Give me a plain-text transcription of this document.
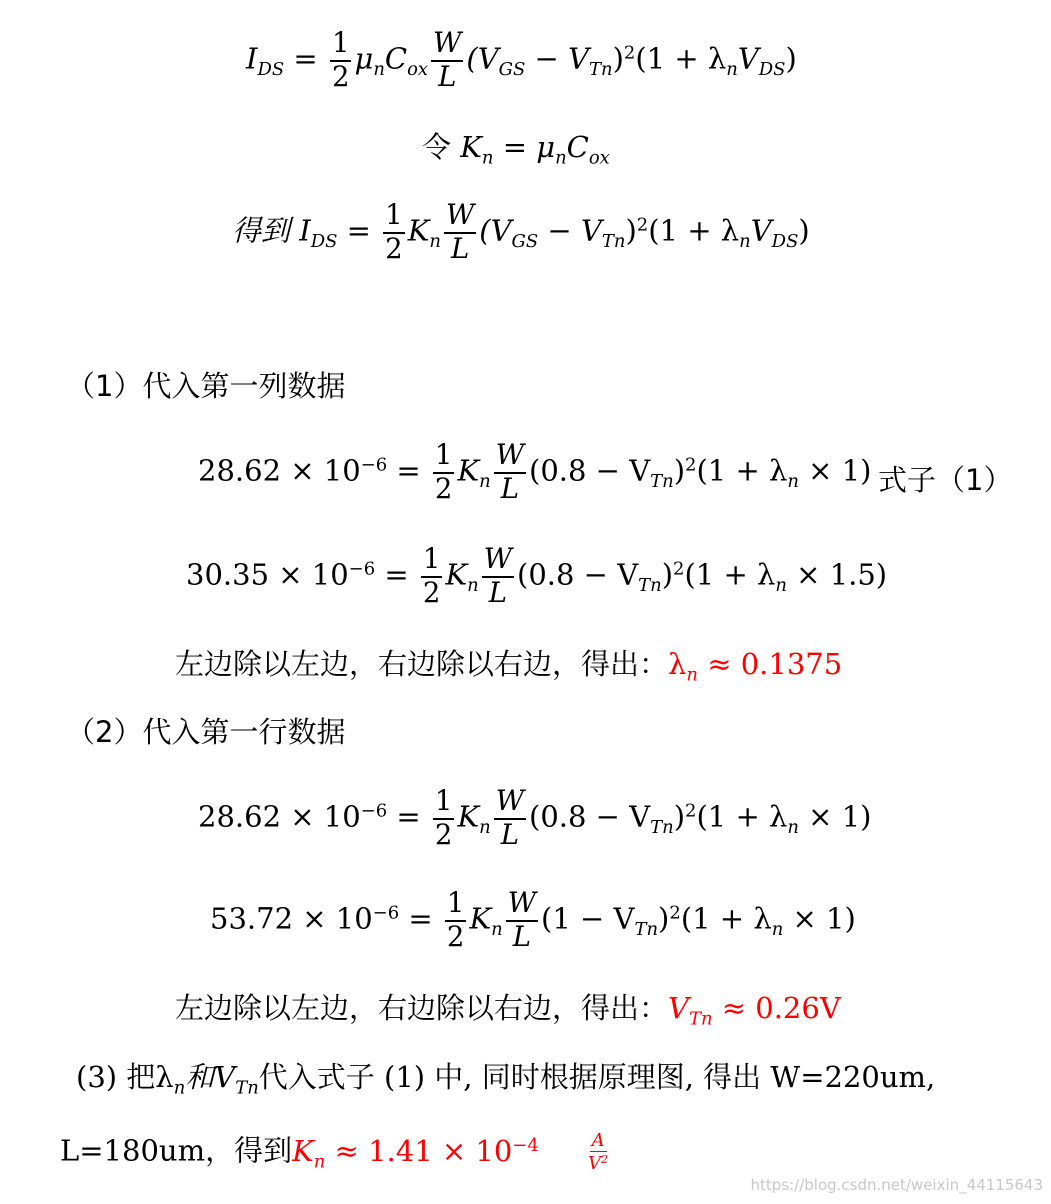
$I_{DS} = \frac{1}{2} \mu_nC_{ox} \frac{W}{L} (V_{GS} - V_{Tn})^2(1 + \lambda_nV_{DS})$
令 $K_n = \mu_nC_{ox}$
得到 $I_{DS} = \frac{1}{2} K_n \frac{W}{L} (V_{GS} - V_{Tn})^2(1 + \lambda_nV_{DS})$
（1）代入第一列数据
$28.62 \times 10^{-6} = \frac{1}{2} K_n \frac{W}{L} (0.8 - V_{Tn})^2(1 + \lambda_n \times 1)$ 式子（1）
$30.35 \times 10^{-6} = \frac{1}{2} K_n \frac{W}{L} (0.8 - V_{Tn})^2(1 + \lambda_n \times 1.5)$
左边除以左边，右边除以右边，得出：$\lambda_n \approx 0.1375$
（2）代入第一行数据
$28.62 \times 10^{-6} = \frac{1}{2} K_n \frac{W}{L} (0.8 - V_{Tn})^2(1 + \lambda_n \times 1)$
$53.72 \times 10^{-6} = \frac{1}{2} K_n \frac{W}{L} (1 - V_{Tn})^2(1 + \lambda_n \times 1)$
左边除以左边，右边除以右边，得出：$V_{Tn} \approx 0.26V$
(3) 把$\lambda_n$和$V_{Tn}$代入式子 (1) 中, 同时根据原理图, 得出 W=220um,
L=180um，得到$K_n \approx 1.41 \times 10^{-4}$	$\frac{A}{V^2}$
https://blog.csdn.net/weixin_44115643
